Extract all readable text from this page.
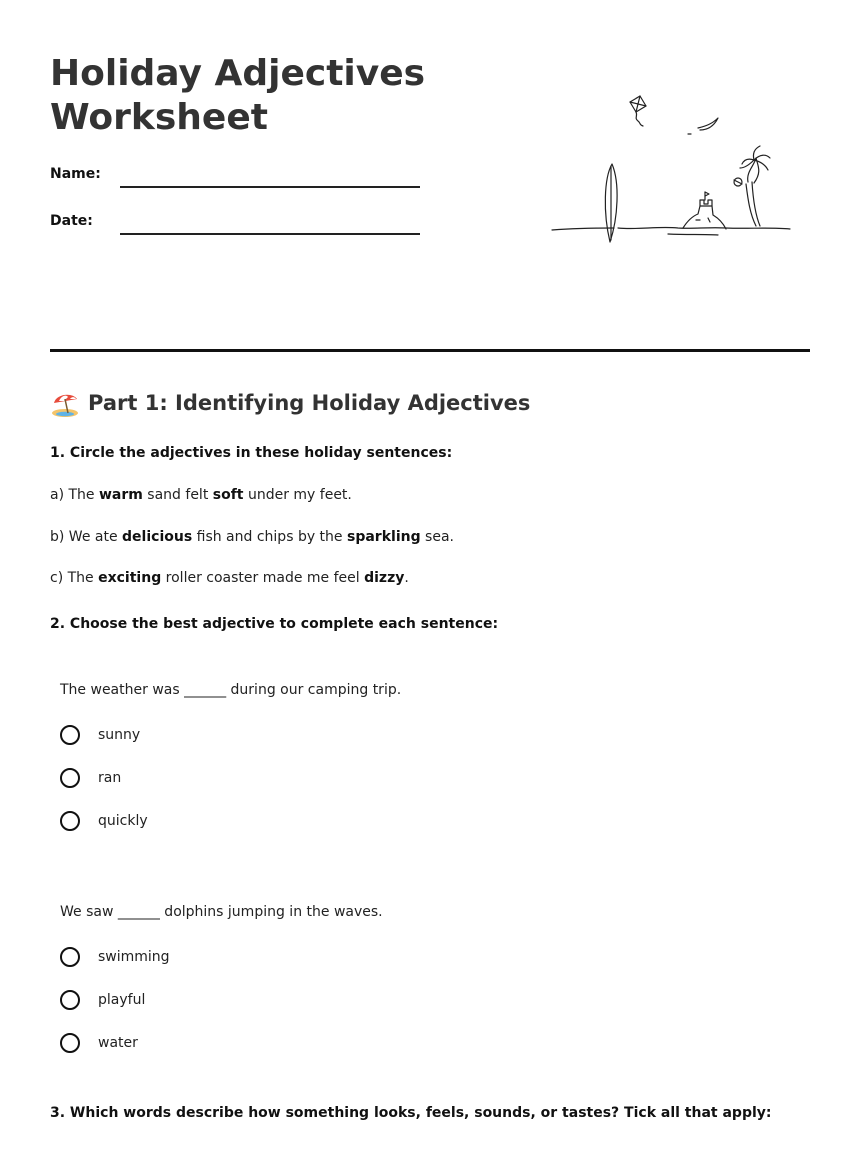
Holiday Adjectives Worksheet
Name:
Date:
Part 1: Identifying Holiday Adjectives
1. Circle the adjectives in these holiday sentences:
a) The warm sand felt soft under my feet.
b) We ate delicious fish and chips by the sparkling sea.
c) The exciting roller coaster made me feel dizzy.
2. Choose the best adjective to complete each sentence:
The weather was ______ during our camping trip.
sunny
ran
quickly
We saw ______ dolphins jumping in the waves.
swimming
playful
water
3. Which words describe how something looks, feels, sounds, or tastes? Tick all that apply:
